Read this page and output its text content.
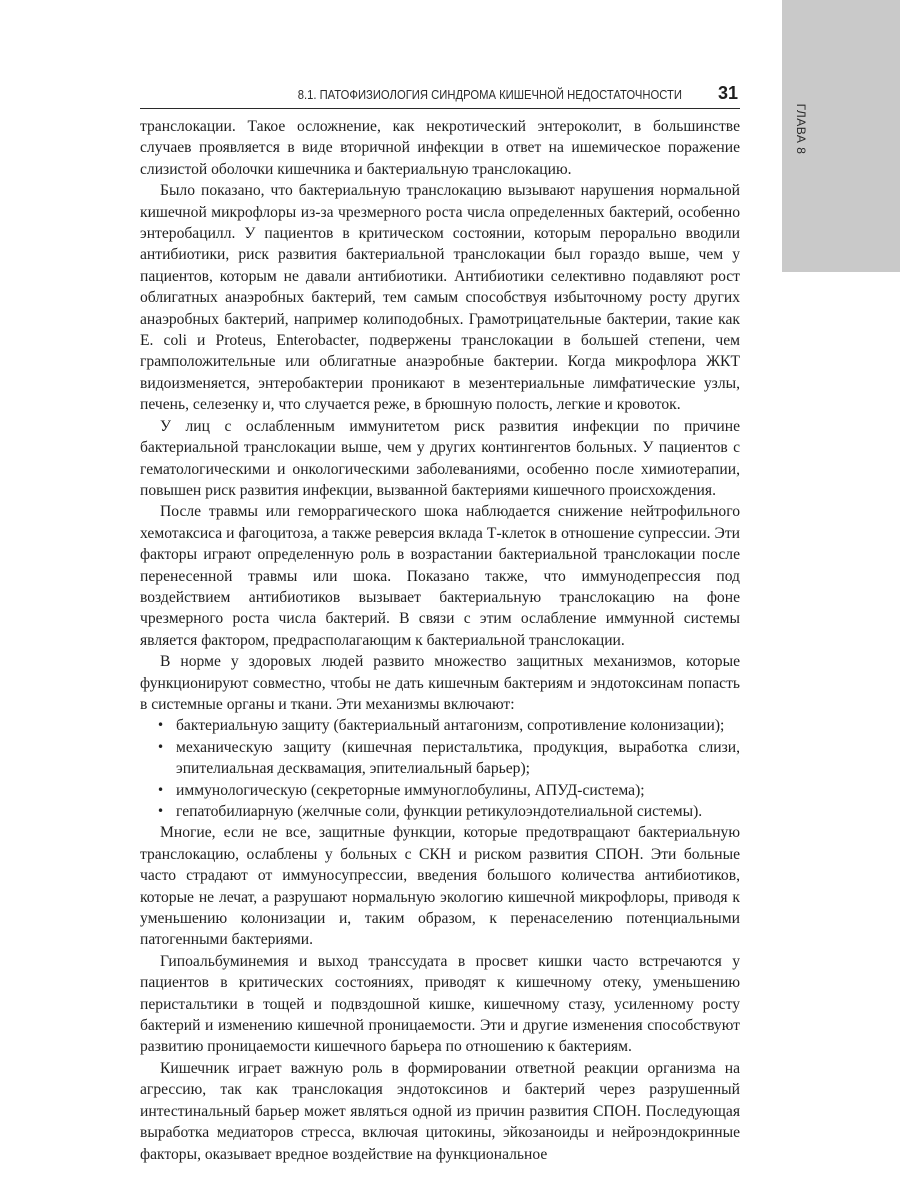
ГЛАВА 8
8.1. ПАТОФИЗИОЛОГИЯ СИНДРОМА КИШЕЧНОЙ НЕДОСТАТОЧНОСТИ 31

транслокации. Такое осложнение, как некротический энтероколит, в большинстве случаев проявляется в виде вторичной инфекции в ответ на ишемическое поражение слизистой оболочки кишечника и бактериальную транслокацию.

Было показано, что бактериальную транслокацию вызывают нарушения нормальной кишечной микрофлоры из-за чрезмерного роста числа определенных бактерий, особенно энтеробацилл. У пациентов в критическом состоянии, которым перорально вводили антибиотики, риск развития бактериальной транслокации был гораздо выше, чем у пациентов, которым не давали антибиотики. Антибиотики селективно подавляют рост облигатных анаэробных бактерий, тем самым способствуя избыточному росту других анаэробных бактерий, например колиподобных. Грамотрицательные бактерии, такие как E. coli и Proteus, Enterobacter, подвержены транслокации в большей степени, чем грамположительные или облигатные анаэробные бактерии. Когда микрофлора ЖКТ видоизменяется, энтеробактерии проникают в мезентериальные лимфатические узлы, печень, селезенку и, что случается реже, в брюшную полость, легкие и кровоток.

У лиц с ослабленным иммунитетом риск развития инфекции по причине бактериальной транслокации выше, чем у других контингентов больных. У пациентов с гематологическими и онкологическими заболеваниями, особенно после химиотерапии, повышен риск развития инфекции, вызванной бактериями кишечного происхождения.

После травмы или геморрагического шока наблюдается снижение нейтрофильного хемотаксиса и фагоцитоза, а также реверсия вклада Т-клеток в отношение супрессии. Эти факторы играют определенную роль в возрастании бактериальной транслокации после перенесенной травмы или шока. Показано также, что иммунодепрессия под воздействием антибиотиков вызывает бактериальную транслокацию на фоне чрезмерного роста числа бактерий. В связи с этим ослабление иммунной системы является фактором, предрасполагающим к бактериальной транслокации.

В норме у здоровых людей развито множество защитных механизмов, которые функционируют совместно, чтобы не дать кишечным бактериям и эндотоксинам попасть в системные органы и ткани. Эти механизмы включают:

• бактериальную защиту (бактериальный антагонизм, сопротивление колонизации);
• механическую защиту (кишечная перистальтика, продукция, выработка слизи, эпителиальная десквамация, эпителиальный барьер);
• иммунологическую (секреторные иммуноглобулины, АПУД-система);
• гепатобилиарную (желчные соли, функции ретикулоэндотелиальной системы).

Многие, если не все, защитные функции, которые предотвращают бактериальную транслокацию, ослаблены у больных с СКН и риском развития СПОН. Эти больные часто страдают от иммуносупрессии, введения большого количества антибиотиков, которые не лечат, а разрушают нормальную экологию кишечной микрофлоры, приводя к уменьшению колонизации и, таким образом, к перенаселению потенциальными патогенными бактериями.

Гипоальбуминемия и выход транссудата в просвет кишки часто встречаются у пациентов в критических состояниях, приводят к кишечному отеку, уменьшению перистальтики в тощей и подвздошной кишке, кишечному стазу, усиленному росту бактерий и изменению кишечной проницаемости. Эти и другие изменения способствуют развитию проницаемости кишечного барьера по отношению к бактериям.

Кишечник играет важную роль в формировании ответной реакции организма на агрессию, так как транслокация эндотоксинов и бактерий через разрушенный интестинальный барьер может являться одной из причин развития СПОН. Последующая выработка медиаторов стресса, включая цитокины, эйкозаноиды и нейроэндокринные факторы, оказывает вредное воздействие на функциональное
